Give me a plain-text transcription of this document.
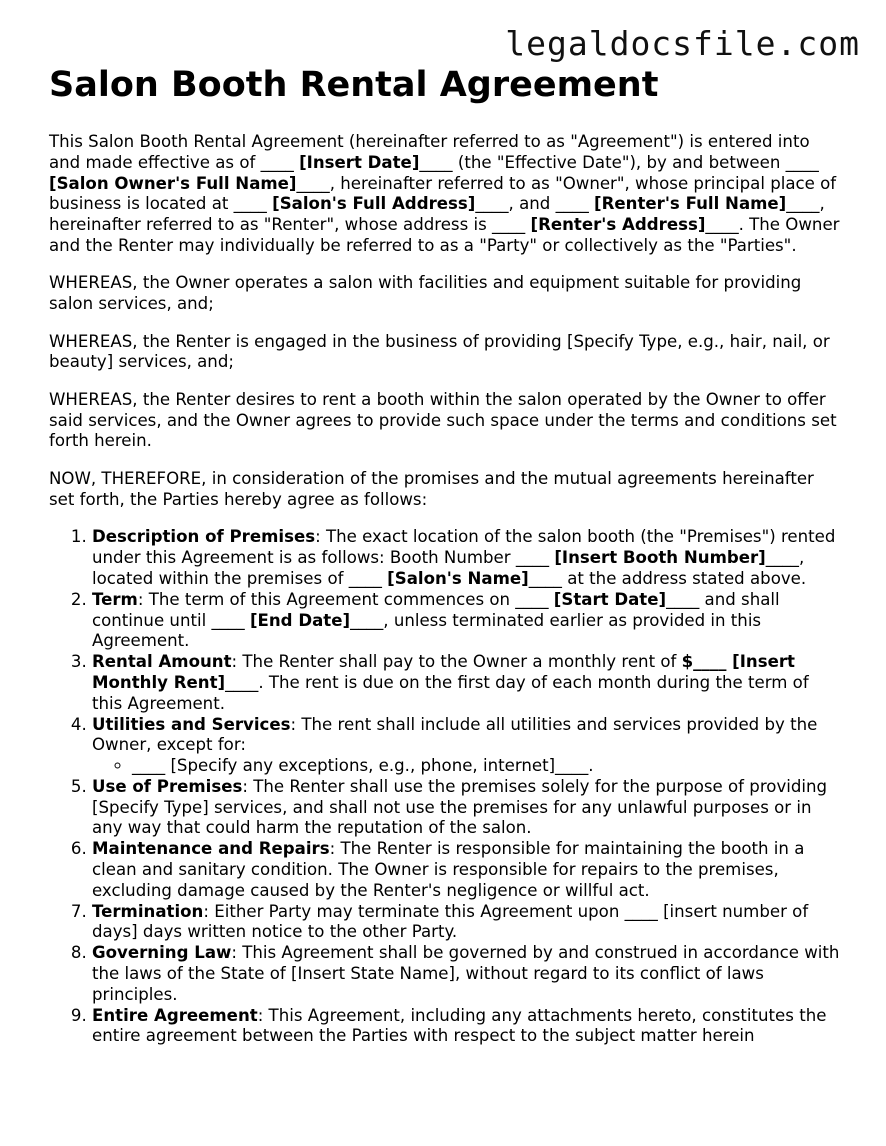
legaldocsfile.com
Salon Booth Rental Agreement

This Salon Booth Rental Agreement (hereinafter referred to as "Agreement") is entered into and made effective as of ____ [Insert Date]____ (the "Effective Date"), by and between ____ [Salon Owner's Full Name]____, hereinafter referred to as "Owner", whose principal place of business is located at ____ [Salon's Full Address]____, and ____ [Renter's Full Name]____, hereinafter referred to as "Renter", whose address is ____ [Renter's Address]____. The Owner and the Renter may individually be referred to as a "Party" or collectively as the "Parties".

WHEREAS, the Owner operates a salon with facilities and equipment suitable for providing salon services, and;

WHEREAS, the Renter is engaged in the business of providing [Specify Type, e.g., hair, nail, or beauty] services, and;

WHEREAS, the Renter desires to rent a booth within the salon operated by the Owner to offer said services, and the Owner agrees to provide such space under the terms and conditions set forth herein.

NOW, THEREFORE, in consideration of the promises and the mutual agreements hereinafter set forth, the Parties hereby agree as follows:

1. Description of Premises: The exact location of the salon booth (the "Premises") rented under this Agreement is as follows: Booth Number ____ [Insert Booth Number]____, located within the premises of ____ [Salon's Name]____ at the address stated above.
2. Term: The term of this Agreement commences on ____ [Start Date]____ and shall continue until ____ [End Date]____, unless terminated earlier as provided in this Agreement.
3. Rental Amount: The Renter shall pay to the Owner a monthly rent of $____ [Insert Monthly Rent]____. The rent is due on the first day of each month during the term of this Agreement.
4. Utilities and Services: The rent shall include all utilities and services provided by the Owner, except for:
◦ ____ [Specify any exceptions, e.g., phone, internet]____.
5. Use of Premises: The Renter shall use the premises solely for the purpose of providing [Specify Type] services, and shall not use the premises for any unlawful purposes or in any way that could harm the reputation of the salon.
6. Maintenance and Repairs: The Renter is responsible for maintaining the booth in a clean and sanitary condition. The Owner is responsible for repairs to the premises, excluding damage caused by the Renter's negligence or willful act.
7. Termination: Either Party may terminate this Agreement upon ____ [insert number of days] days written notice to the other Party.
8. Governing Law: This Agreement shall be governed by and construed in accordance with the laws of the State of [Insert State Name], without regard to its conflict of laws principles.
9. Entire Agreement: This Agreement, including any attachments hereto, constitutes the entire agreement between the Parties with respect to the subject matter herein
